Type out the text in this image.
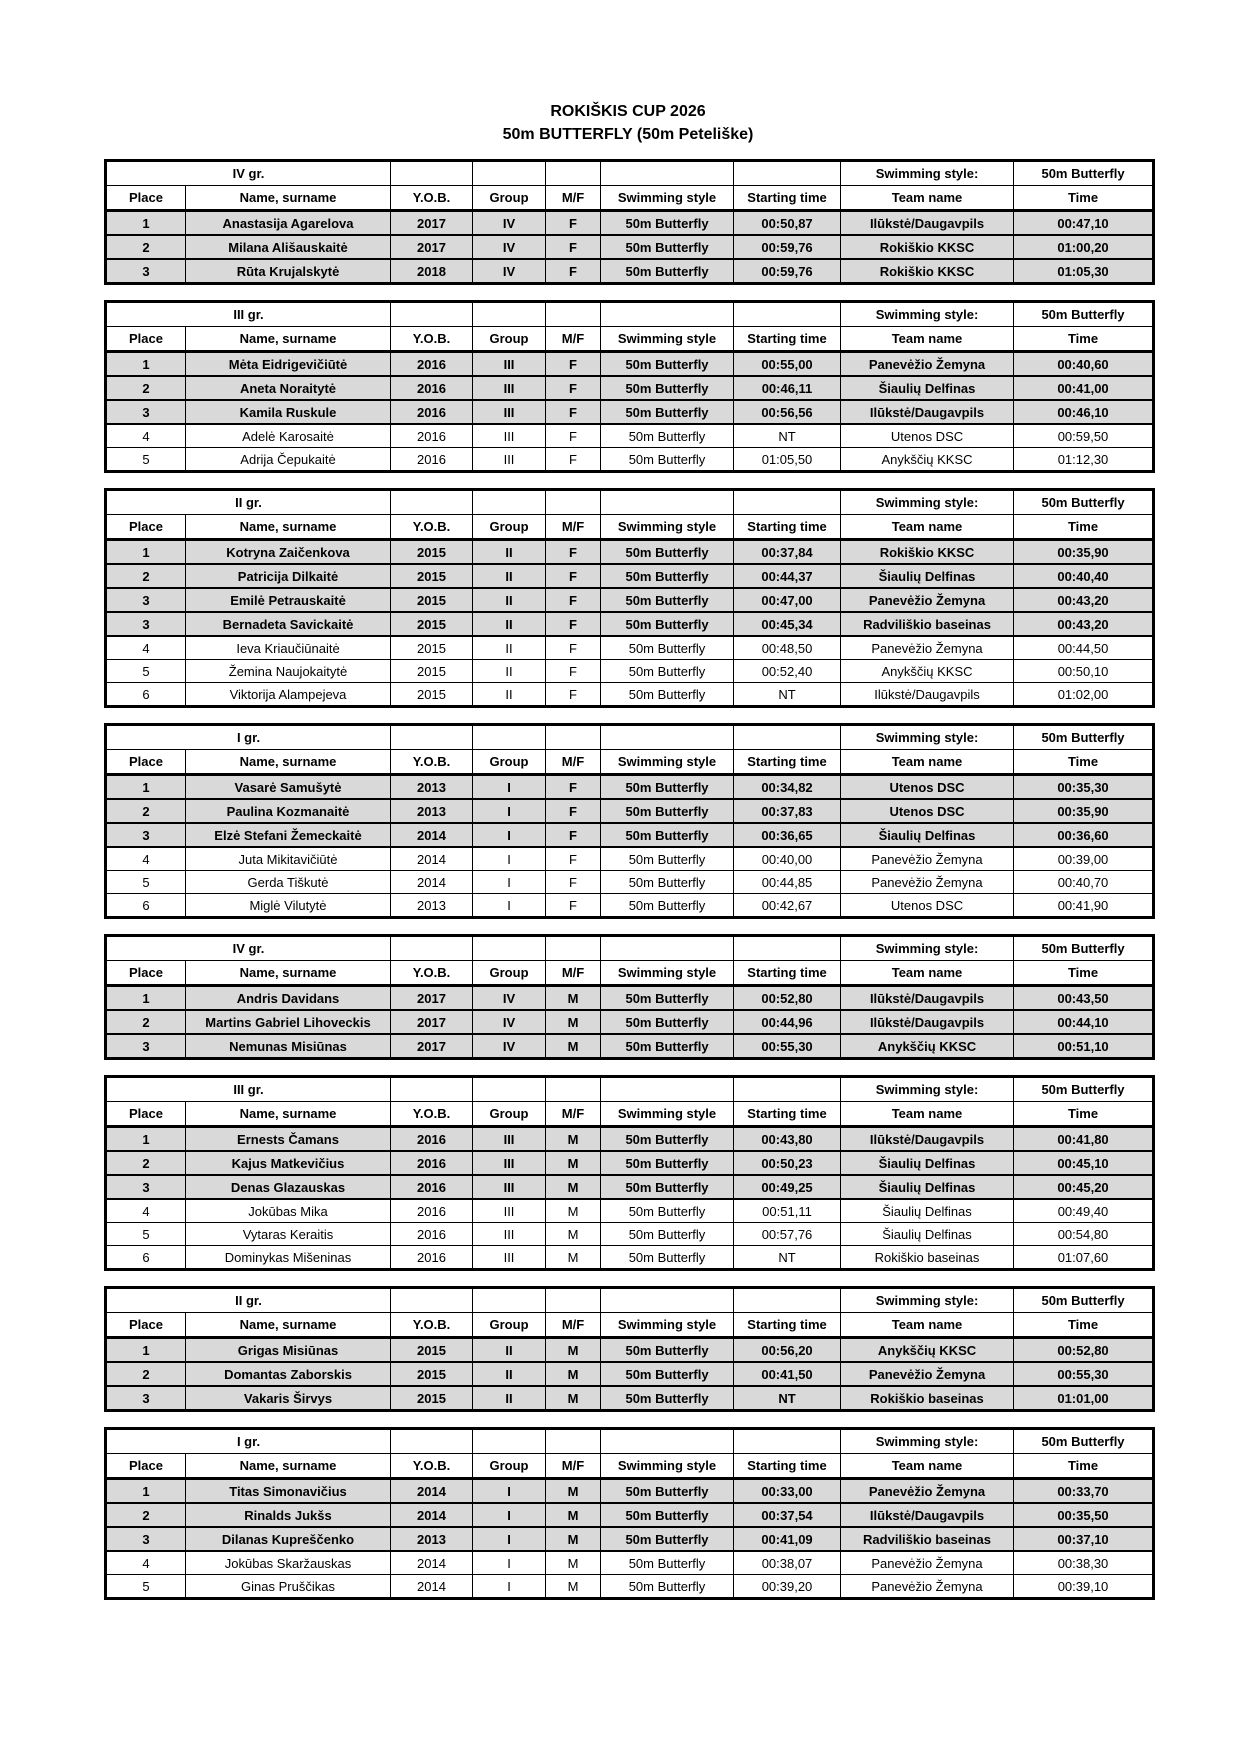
ROKIŠKIS CUP 2026
50m BUTTERFLY (50m Peteliške)
IV gr.							Swimming style:	50m Butterfly
Place	Name, surname	Y.O.B.	Group	M/F	Swimming style	Starting time	Team name	Time
1	Anastasija Agarelova	2017	IV	F	50m Butterfly	00:50,87	Ilūkstė/Daugavpils	00:47,10
2	Milana Ališauskaitė	2017	IV	F	50m Butterfly	00:59,76	Rokiškio KKSC	01:00,20
3	Rūta Krujalskytė	2018	IV	F	50m Butterfly	00:59,76	Rokiškio KKSC	01:05,30
III gr.							Swimming style:	50m Butterfly
Place	Name, surname	Y.O.B.	Group	M/F	Swimming style	Starting time	Team name	Time
1	Mėta Eidrigevičiūtė	2016	III	F	50m Butterfly	00:55,00	Panevėžio Žemyna	00:40,60
2	Aneta Noraitytė	2016	III	F	50m Butterfly	00:46,11	Šiaulių Delfinas	00:41,00
3	Kamila Ruskule	2016	III	F	50m Butterfly	00:56,56	Ilūkstė/Daugavpils	00:46,10
4	Adelė Karosaitė	2016	III	F	50m Butterfly	NT	Utenos DSC	00:59,50
5	Adrija Čepukaitė	2016	III	F	50m Butterfly	01:05,50	Anykščių KKSC	01:12,30
II gr.							Swimming style:	50m Butterfly
Place	Name, surname	Y.O.B.	Group	M/F	Swimming style	Starting time	Team name	Time
1	Kotryna Zaičenkova	2015	II	F	50m Butterfly	00:37,84	Rokiškio KKSC	00:35,90
2	Patricija Dilkaitė	2015	II	F	50m Butterfly	00:44,37	Šiaulių Delfinas	00:40,40
3	Emilė Petrauskaitė	2015	II	F	50m Butterfly	00:47,00	Panevėžio Žemyna	00:43,20
3	Bernadeta Savickaitė	2015	II	F	50m Butterfly	00:45,34	Radviliškio baseinas	00:43,20
4	Ieva Kriaučiūnaitė	2015	II	F	50m Butterfly	00:48,50	Panevėžio Žemyna	00:44,50
5	Žemina Naujokaitytė	2015	II	F	50m Butterfly	00:52,40	Anykščių KKSC	00:50,10
6	Viktorija Alampejeva	2015	II	F	50m Butterfly	NT	Ilūkstė/Daugavpils	01:02,00
I gr.							Swimming style:	50m Butterfly
Place	Name, surname	Y.O.B.	Group	M/F	Swimming style	Starting time	Team name	Time
1	Vasarė Samušytė	2013	I	F	50m Butterfly	00:34,82	Utenos DSC	00:35,30
2	Paulina Kozmanaitė	2013	I	F	50m Butterfly	00:37,83	Utenos DSC	00:35,90
3	Elzė Stefani Žemeckaitė	2014	I	F	50m Butterfly	00:36,65	Šiaulių Delfinas	00:36,60
4	Juta Mikitavičiūtė	2014	I	F	50m Butterfly	00:40,00	Panevėžio Žemyna	00:39,00
5	Gerda Tiškutė	2014	I	F	50m Butterfly	00:44,85	Panevėžio Žemyna	00:40,70
6	Miglė Vilutytė	2013	I	F	50m Butterfly	00:42,67	Utenos DSC	00:41,90
IV gr.							Swimming style:	50m Butterfly
Place	Name, surname	Y.O.B.	Group	M/F	Swimming style	Starting time	Team name	Time
1	Andris Davidans	2017	IV	M	50m Butterfly	00:52,80	Ilūkstė/Daugavpils	00:43,50
2	Martins Gabriel Lihoveckis	2017	IV	M	50m Butterfly	00:44,96	Ilūkstė/Daugavpils	00:44,10
3	Nemunas Misiūnas	2017	IV	M	50m Butterfly	00:55,30	Anykščių KKSC	00:51,10
III gr.							Swimming style:	50m Butterfly
Place	Name, surname	Y.O.B.	Group	M/F	Swimming style	Starting time	Team name	Time
1	Ernests Čamans	2016	III	M	50m Butterfly	00:43,80	Ilūkstė/Daugavpils	00:41,80
2	Kajus Matkevičius	2016	III	M	50m Butterfly	00:50,23	Šiaulių Delfinas	00:45,10
3	Denas Glazauskas	2016	III	M	50m Butterfly	00:49,25	Šiaulių Delfinas	00:45,20
4	Jokūbas Mika	2016	III	M	50m Butterfly	00:51,11	Šiaulių Delfinas	00:49,40
5	Vytaras Keraitis	2016	III	M	50m Butterfly	00:57,76	Šiaulių Delfinas	00:54,80
6	Dominykas Mišeninas	2016	III	M	50m Butterfly	NT	Rokiškio baseinas	01:07,60
II gr.							Swimming style:	50m Butterfly
Place	Name, surname	Y.O.B.	Group	M/F	Swimming style	Starting time	Team name	Time
1	Grigas Misiūnas	2015	II	M	50m Butterfly	00:56,20	Anykščių KKSC	00:52,80
2	Domantas Zaborskis	2015	II	M	50m Butterfly	00:41,50	Panevėžio Žemyna	00:55,30
3	Vakaris Širvys	2015	II	M	50m Butterfly	NT	Rokiškio baseinas	01:01,00
I gr.							Swimming style:	50m Butterfly
Place	Name, surname	Y.O.B.	Group	M/F	Swimming style	Starting time	Team name	Time
1	Titas Simonavičius	2014	I	M	50m Butterfly	00:33,00	Panevėžio Žemyna	00:33,70
2	Rinalds Jukšs	2014	I	M	50m Butterfly	00:37,54	Ilūkstė/Daugavpils	00:35,50
3	Dilanas Kupreščenko	2013	I	M	50m Butterfly	00:41,09	Radviliškio baseinas	00:37,10
4	Jokūbas Skaržauskas	2014	I	M	50m Butterfly	00:38,07	Panevėžio Žemyna	00:38,30
5	Ginas Pruščikas	2014	I	M	50m Butterfly	00:39,20	Panevėžio Žemyna	00:39,10
